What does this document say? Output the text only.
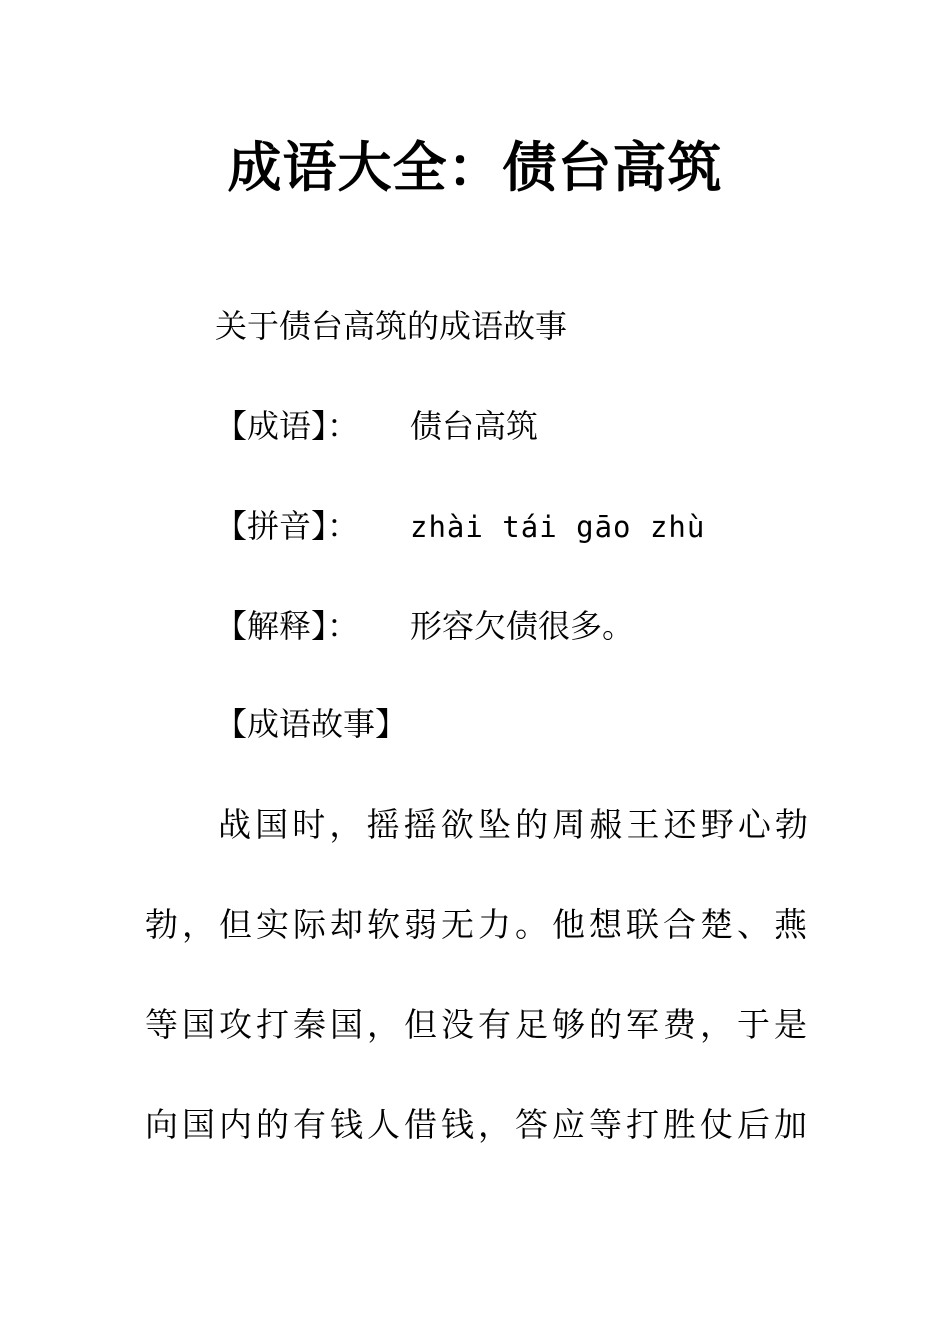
成语大全：债台高筑
关于债台高筑的成语故事
【成语】： 债台高筑
【拼音】： zhài tái gāo zhù
【解释】： 形容欠债很多。
【成语故事】
战国时，摇摇欲坠的周赧王还野心勃
勃，但实际却软弱无力。他想联合楚、燕
等国攻打秦国，但没有足够的军费，于是
向国内的有钱人借钱，答应等打胜仗后加
